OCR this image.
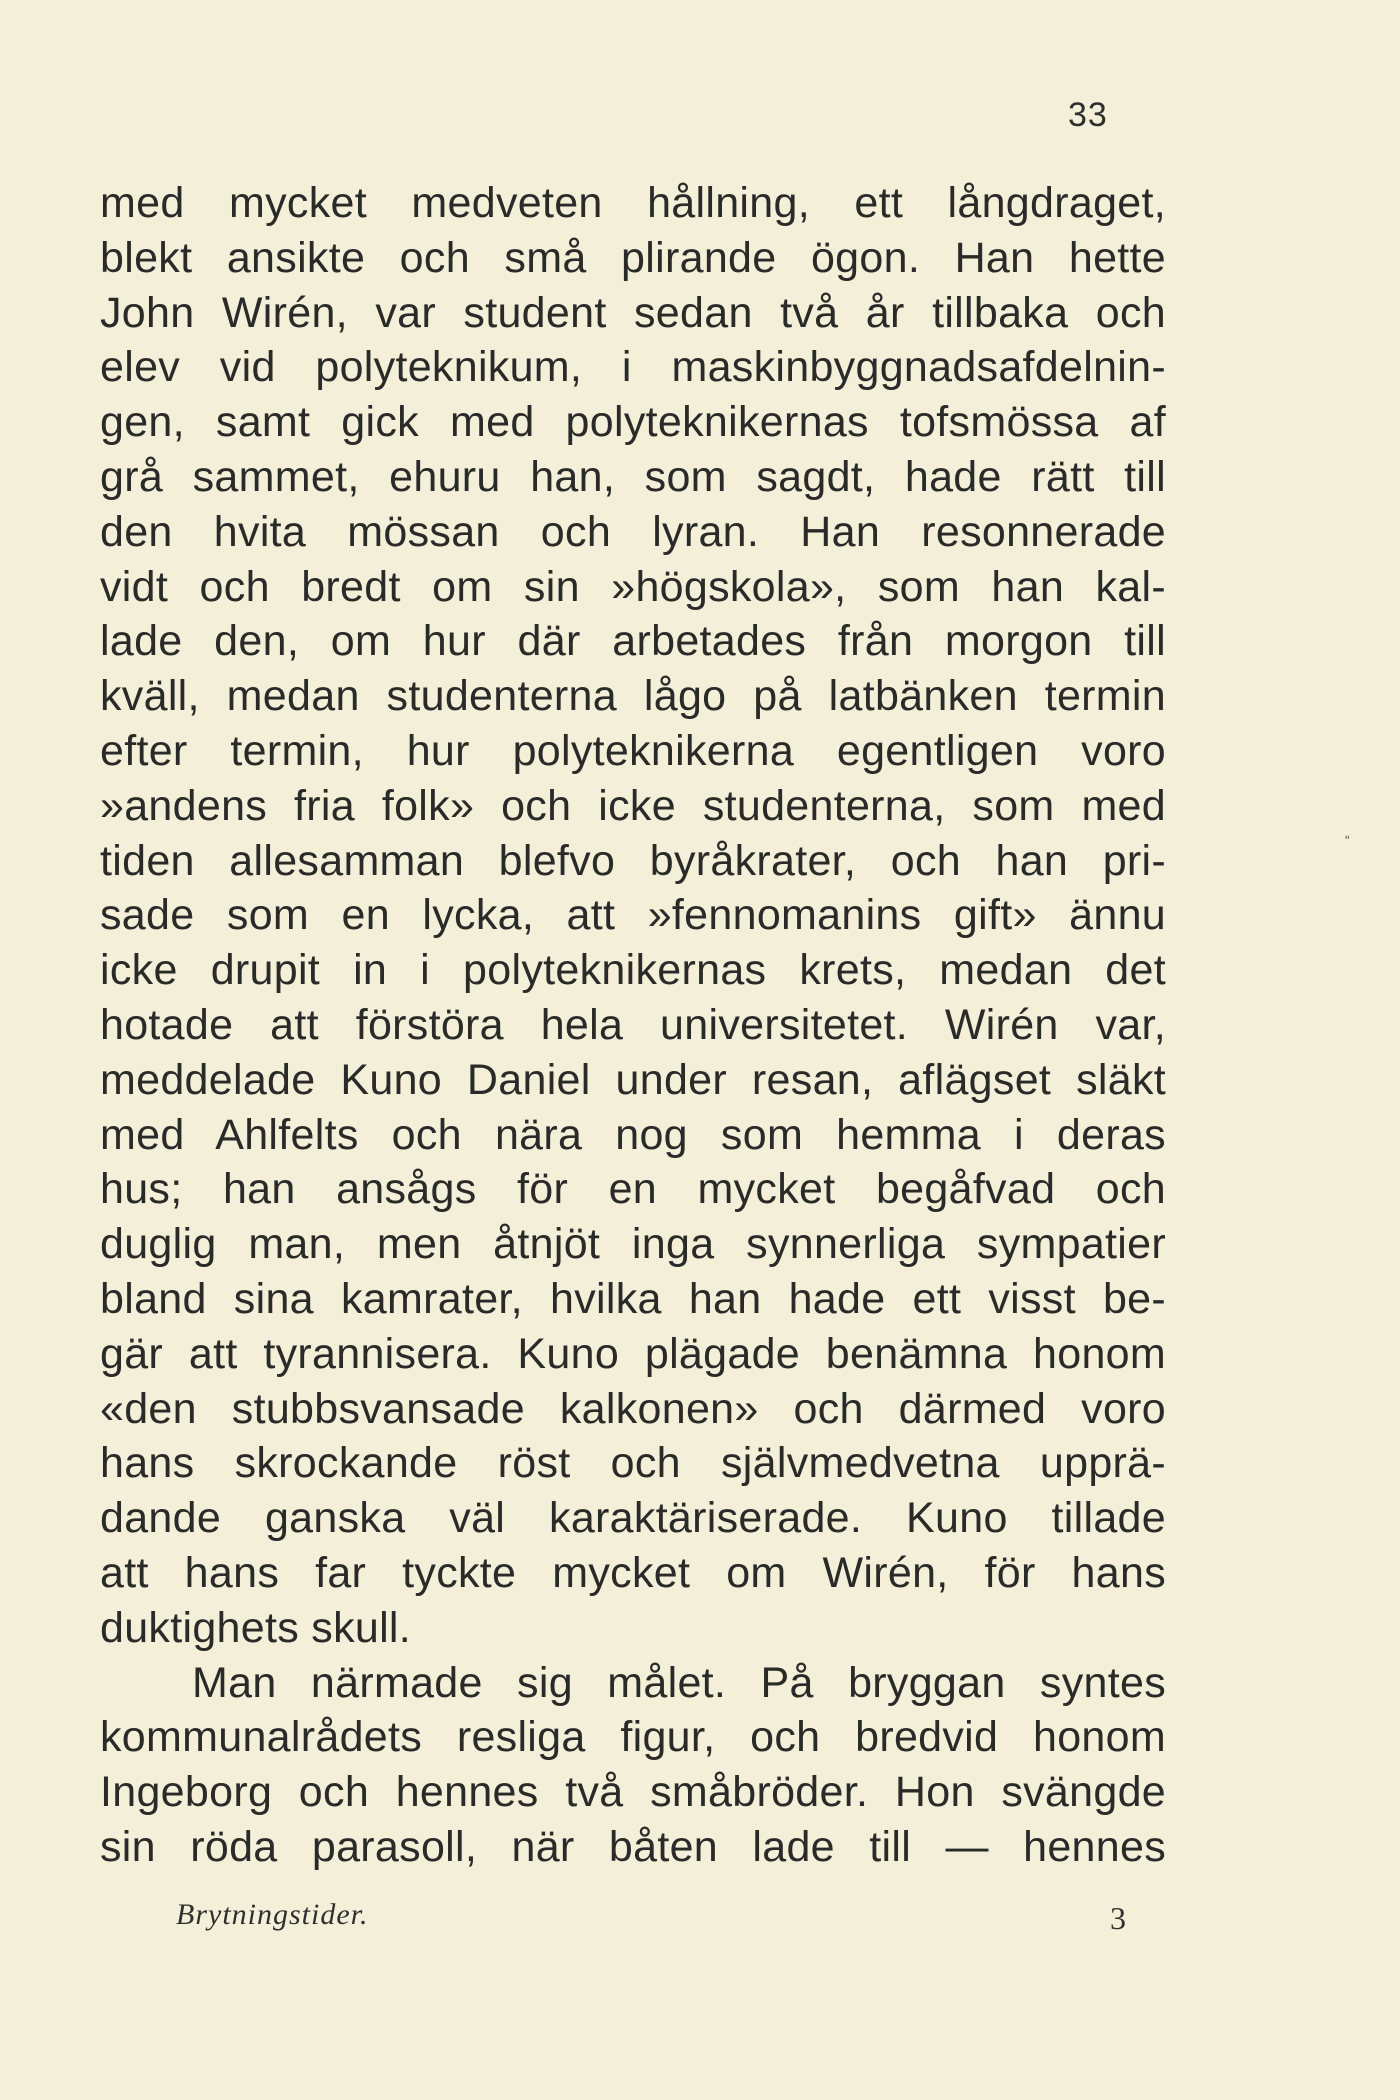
33
med mycket medveten hållning, ett långdraget,
blekt ansikte och små plirande ögon. Han hette
John Wirén, var student sedan två år tillbaka och
elev vid polyteknikum, i maskinbyggnadsafdelnin-
gen, samt gick med polyteknikernas tofsmössa af
grå sammet, ehuru han, som sagdt, hade rätt till
den hvita mössan och lyran. Han resonnerade
vidt och bredt om sin »högskola», som han kal-
lade den, om hur där arbetades från morgon till
kväll, medan studenterna lågo på latbänken termin
efter termin, hur polyteknikerna egentligen voro
»andens fria folk» och icke studenterna, som med
tiden allesamman blefvo byråkrater, och han pri-
sade som en lycka, att »fennomanins gift» ännu
icke drupit in i polyteknikernas krets, medan det
hotade att förstöra hela universitetet. Wirén var,
meddelade Kuno Daniel under resan, aflägset släkt
med Ahlfelts och nära nog som hemma i deras
hus; han ansågs för en mycket begåfvad och
duglig man, men åtnjöt inga synnerliga sympatier
bland sina kamrater, hvilka han hade ett visst be-
gär att tyrannisera. Kuno plägade benämna honom
«den stubbsvansade kalkonen» och därmed voro
hans skrockande röst och självmedvetna upprä-
dande ganska väl karaktäriserade. Kuno tillade
att hans far tyckte mycket om Wirén, för hans
duktighets skull.
Man närmade sig målet. På bryggan syntes
kommunalrådets resliga figur, och bredvid honom
Ingeborg och hennes två småbröder. Hon svängde
sin röda parasoll, när båten lade till — hennes
“
Brytningstider.	3
